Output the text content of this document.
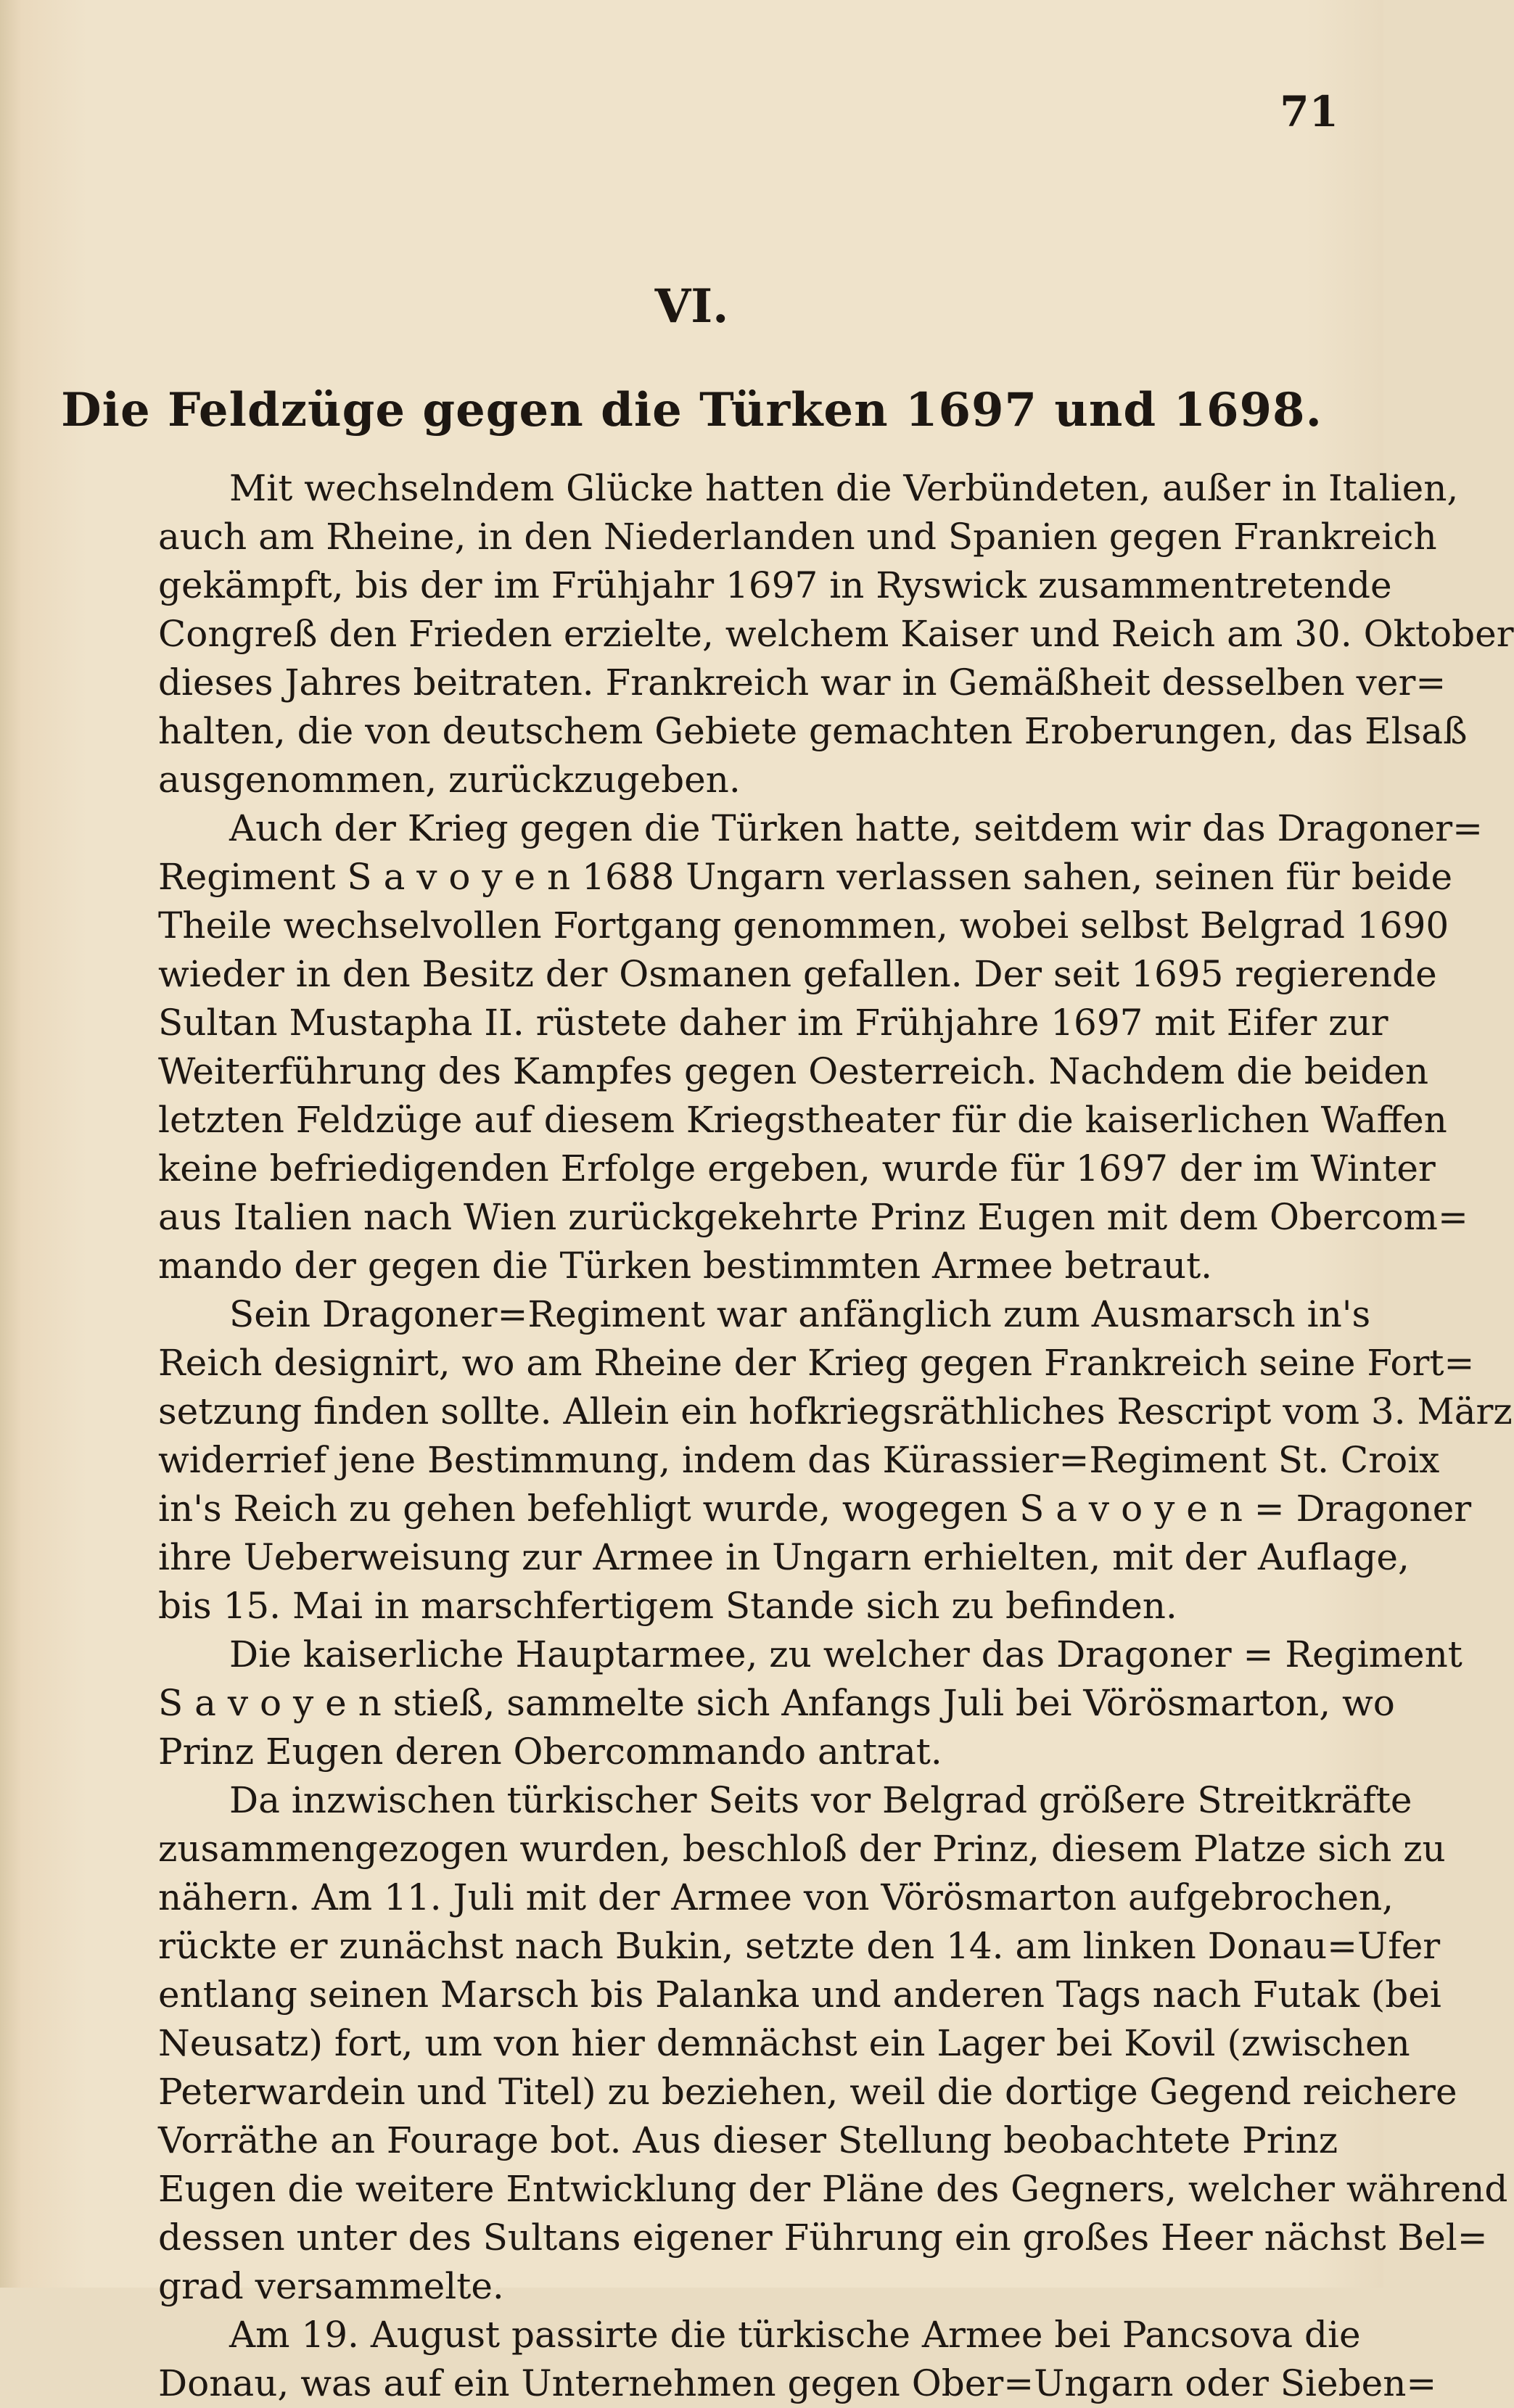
71
VI.
Die Feldzüge gegen die Türken 1697 und 1698.
Mit wechselndem Glücke hatten die Verbündeten, außer in Italien,
auch am Rheine, in den Niederlanden und Spanien gegen Frankreich
gekämpft, bis der im Frühjahr 1697 in Ryswick zusammentretende
Congreß den Frieden erzielte, welchem Kaiser und Reich am 30. Oktober
dieses Jahres beitraten. Frankreich war in Gemäßheit desselben ver=
halten, die von deutschem Gebiete gemachten Eroberungen, das Elsaß
ausgenommen, zurückzugeben.
Auch der Krieg gegen die Türken hatte, seitdem wir das Dragoner=
Regiment S a v o y e n 1688 Ungarn verlassen sahen, seinen für beide
Theile wechselvollen Fortgang genommen, wobei selbst Belgrad 1690
wieder in den Besitz der Osmanen gefallen. Der seit 1695 regierende
Sultan Mustapha II. rüstete daher im Frühjahre 1697 mit Eifer zur
Weiterführung des Kampfes gegen Oesterreich. Nachdem die beiden
letzten Feldzüge auf diesem Kriegstheater für die kaiserlichen Waffen
keine befriedigenden Erfolge ergeben, wurde für 1697 der im Winter
aus Italien nach Wien zurückgekehrte Prinz Eugen mit dem Obercom=
mando der gegen die Türken bestimmten Armee betraut.
Sein Dragoner=Regiment war anfänglich zum Ausmarsch in's
Reich designirt, wo am Rheine der Krieg gegen Frankreich seine Fort=
setzung finden sollte. Allein ein hofkriegsräthliches Rescript vom 3. März
widerrief jene Bestimmung, indem das Kürassier=Regiment St. Croix
in's Reich zu gehen befehligt wurde, wogegen S a v o y e n = Dragoner
ihre Ueberweisung zur Armee in Ungarn erhielten, mit der Auflage,
bis 15. Mai in marschfertigem Stande sich zu befinden.
Die kaiserliche Hauptarmee, zu welcher das Dragoner = Regiment
S a v o y e n stieß, sammelte sich Anfangs Juli bei Vörösmarton, wo
Prinz Eugen deren Obercommando antrat.
Da inzwischen türkischer Seits vor Belgrad größere Streitkräfte
zusammengezogen wurden, beschloß der Prinz, diesem Platze sich zu
nähern. Am 11. Juli mit der Armee von Vörösmarton aufgebrochen,
rückte er zunächst nach Bukin, setzte den 14. am linken Donau=Ufer
entlang seinen Marsch bis Palanka und anderen Tags nach Futak (bei
Neusatz) fort, um von hier demnächst ein Lager bei Kovil (zwischen
Peterwardein und Titel) zu beziehen, weil die dortige Gegend reichere
Vorräthe an Fourage bot. Aus dieser Stellung beobachtete Prinz
Eugen die weitere Entwicklung der Pläne des Gegners, welcher während
dessen unter des Sultans eigener Führung ein großes Heer nächst Bel=
grad versammelte.
Am 19. August passirte die türkische Armee bei Pancsova die
Donau, was auf ein Unternehmen gegen Ober=Ungarn oder Sieben=
